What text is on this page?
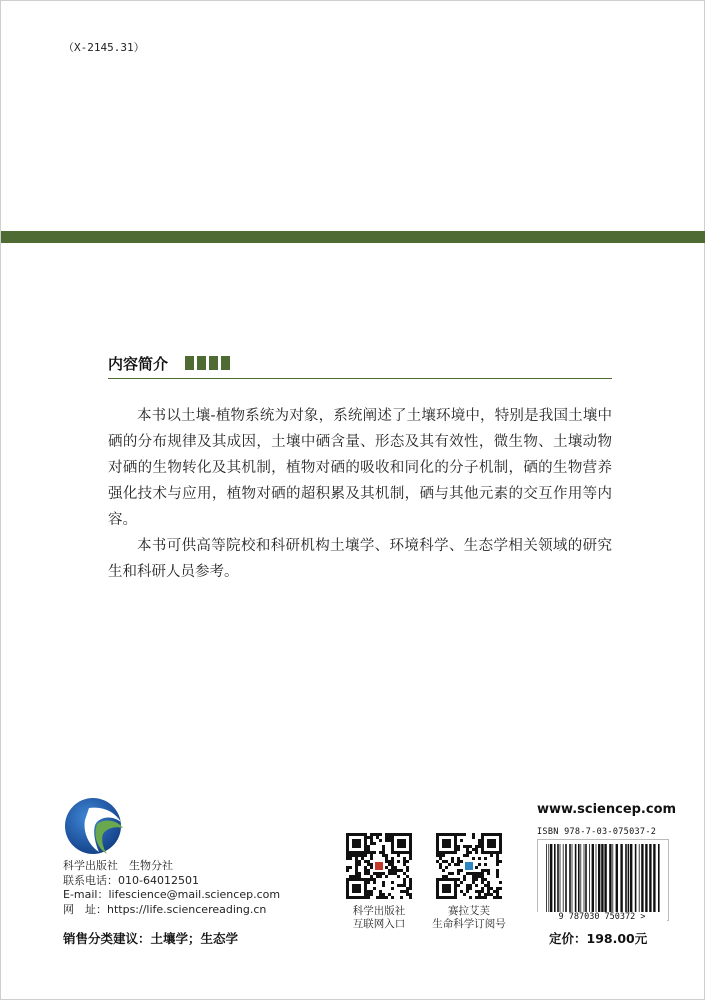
（X-2145.31）
内容简介

本书以土壤-植物系统为对象，系统阐述了土壤环境中，特别是我国土壤中硒的分布规律及其成因，土壤中硒含量、形态及其有效性，微生物、土壤动物对硒的生物转化及其机制，植物对硒的吸收和同化的分子机制，硒的生物营养强化技术与应用，植物对硒的超积累及其机制，硒与其他元素的交互作用等内容。

本书可供高等院校和科研机构土壤学、环境科学、生态学相关领域的研究生和科研人员参考。

科学出版社　生物分社
联系电话：010-64012501
E-mail：lifescience@mail.sciencep.com
网　址：https://life.sciencereading.cn
销售分类建议：土壤学；生态学
科学出版社
互联网入口
赛拉艾芙
生命科学订阅号
www.sciencep.com
ISBN 978-7-03-075037-2
9 787030 750372 >
定价：198.00元
